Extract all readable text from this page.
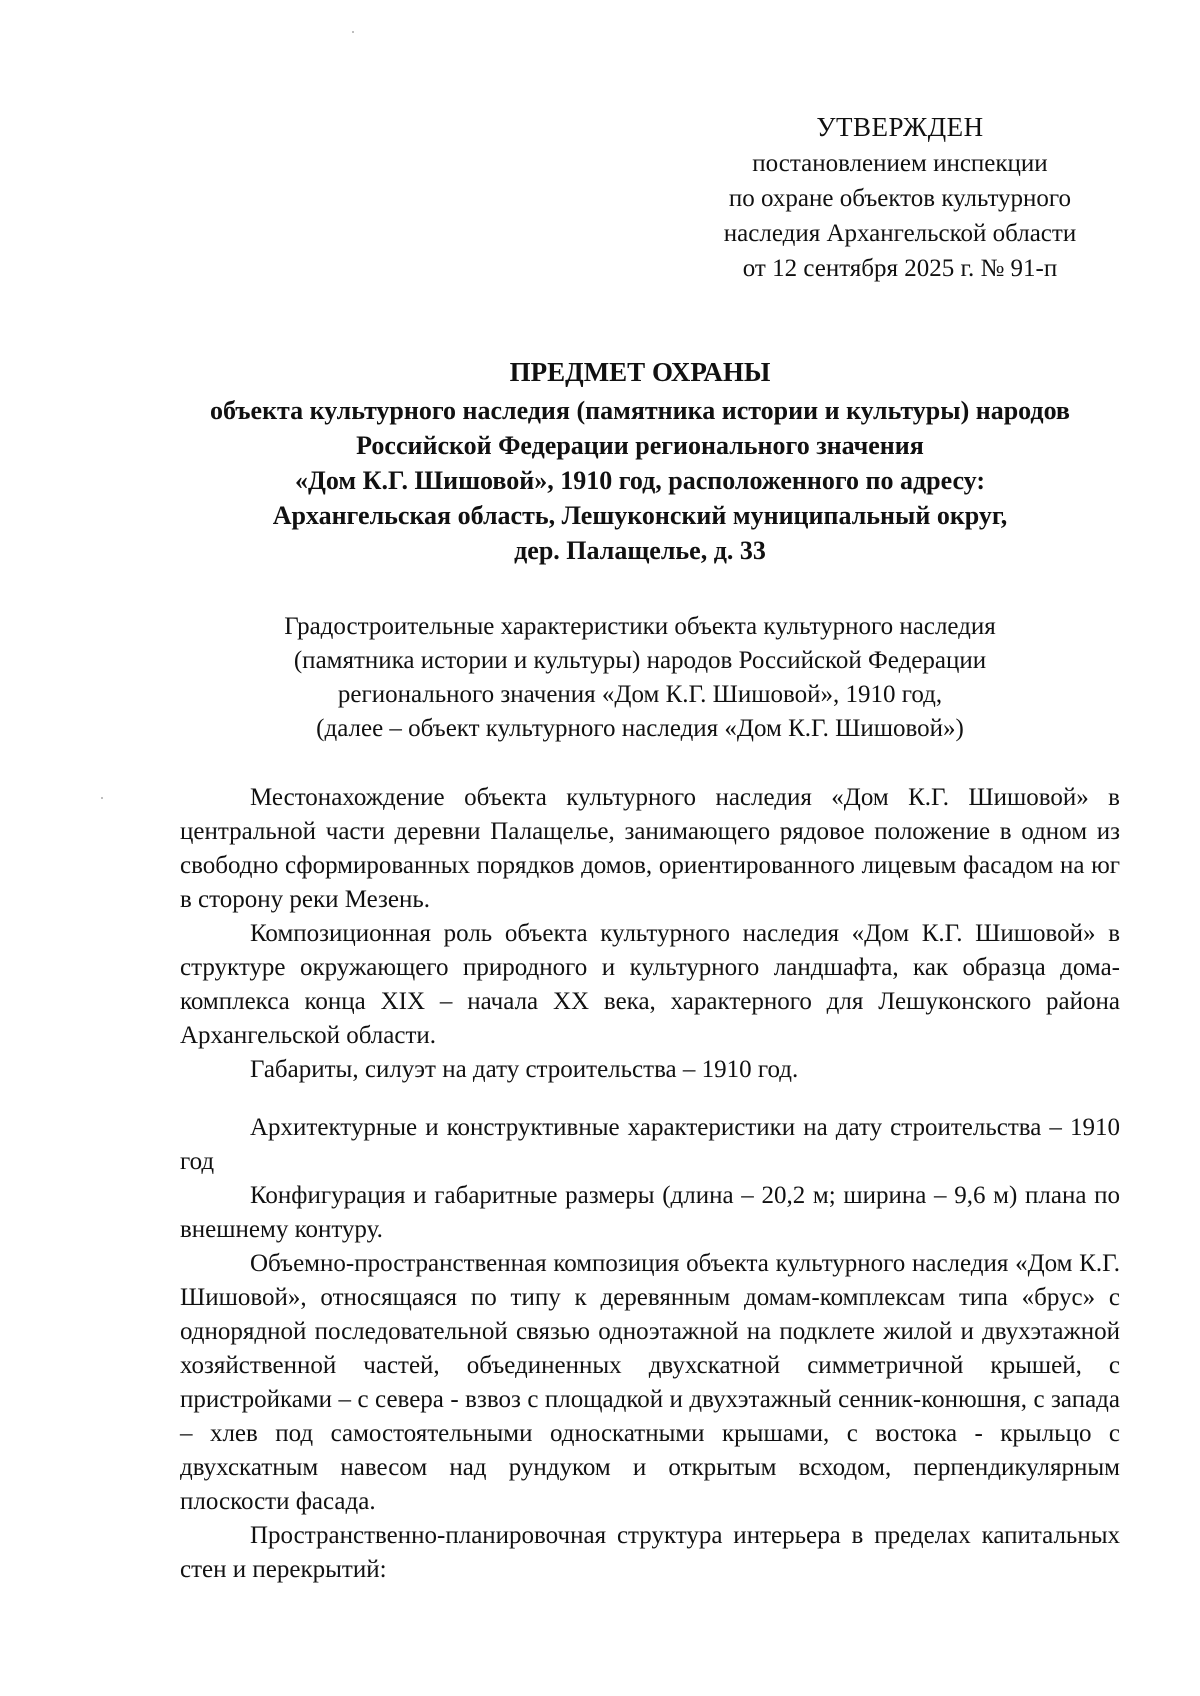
УТВЕРЖДЕН
постановлением инспекции
по охране объектов культурного
наследия Архангельской области
от 12 сентября 2025 г. № 91-п
ПРЕДМЕТ ОХРАНЫ
объекта культурного наследия (памятника истории и культуры) народов
Российской Федерации регионального значения
«Дом К.Г. Шишовой», 1910 год, расположенного по адресу:
Архангельская область, Лешуконский муниципальный округ,
дер. Палащелье, д. 33
Градостроительные характеристики объекта культурного наследия
(памятника истории и культуры) народов Российской Федерации
регионального значения «Дом К.Г. Шишовой», 1910 год,
(далее – объект культурного наследия «Дом К.Г. Шишовой»)

Местонахождение объекта культурного наследия «Дом К.Г. Шишовой» в центральной части деревни Палащелье, занимающего рядовое положение в одном из свободно сформированных порядков домов, ориентированного лицевым фасадом на юг в сторону реки Мезень.

Композиционная роль объекта культурного наследия «Дом К.Г. Шишовой» в структуре окружающего природного и культурного ландшафта, как образца дома-комплекса конца XIX – начала XX века, характерного для Лешуконского района Архангельской области.

Габариты, силуэт на дату строительства – 1910 год.

Архитектурные и конструктивные характеристики на дату строительства – 1910 год

Конфигурация и габаритные размеры (длина – 20,2 м; ширина – 9,6 м) плана по внешнему контуру.

Объемно-пространственная композиция объекта культурного наследия «Дом К.Г. Шишовой», относящаяся по типу к деревянным домам-комплексам типа «брус» с однорядной последовательной связью одноэтажной на подклете жилой и двухэтажной хозяйственной частей, объединенных двухскатной симметричной крышей, с пристройками – с севера - взвоз с площадкой и двухэтажный сенник-конюшня, с запада – хлев под самостоятельными односкатными крышами, с востока - крыльцо с двухскатным навесом над рундуком и открытым всходом, перпендикулярным плоскости фасада.

Пространственно-планировочная структура интерьера в пределах капитальных стен и перекрытий:
